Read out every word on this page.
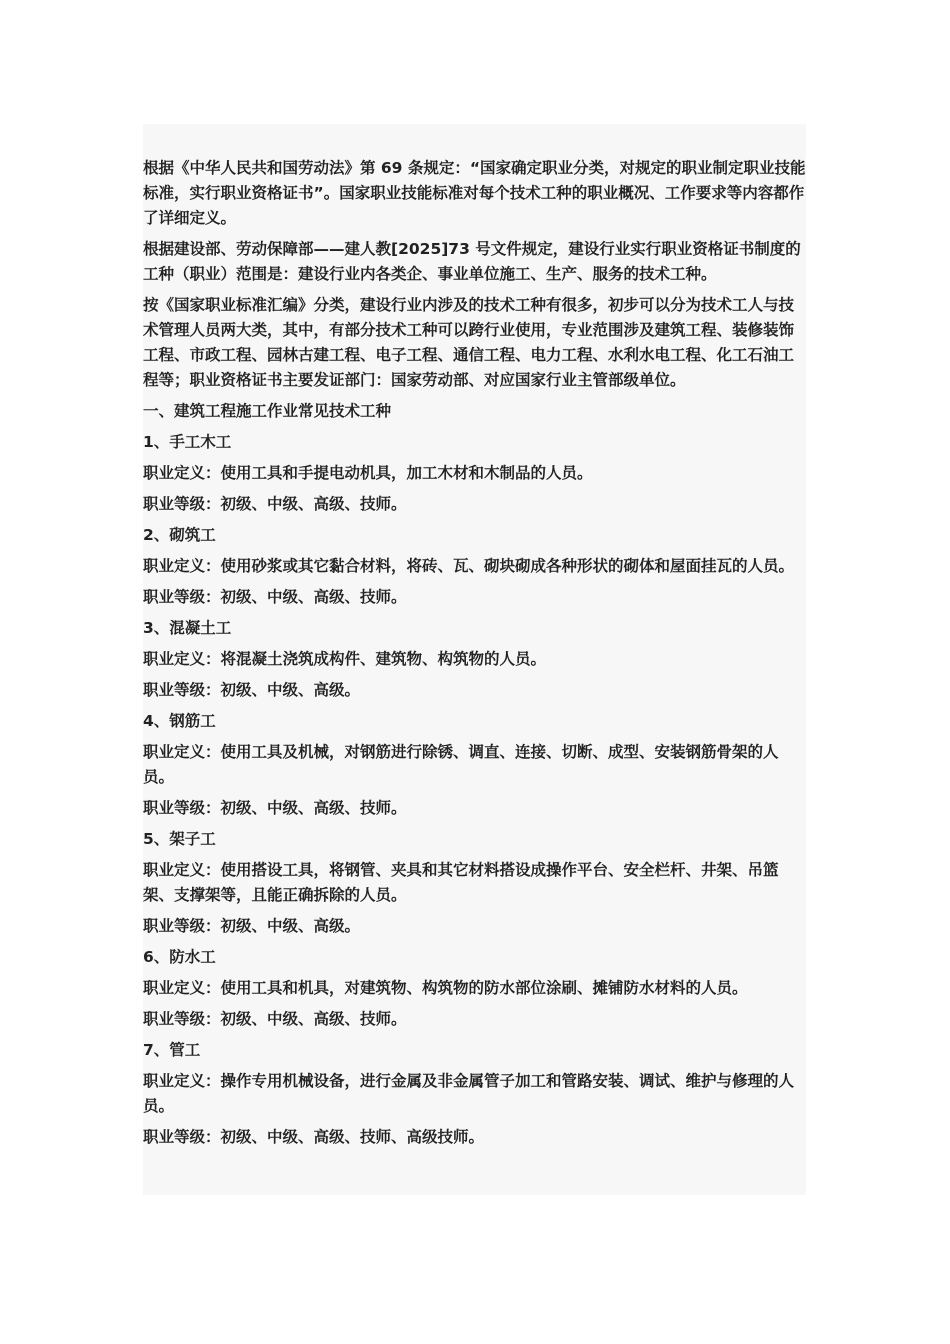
根据《中华人民共和国劳动法》第 69 条规定：“国家确定职业分类，对规定的职业制定职业技能标准，实行职业资格证书”。国家职业技能标准对每个技术工种的职业概况、工作要求等内容都作了详细定义。

根据建设部、劳动保障部——建人教[2025]73 号文件规定，建设行业实行职业资格证书制度的工种（职业）范围是：建设行业内各类企、事业单位施工、生产、服务的技术工种。

按《国家职业标准汇编》分类，建设行业内涉及的技术工种有很多，初步可以分为技术工人与技术管理人员两大类，其中，有部分技术工种可以跨行业使用，专业范围涉及建筑工程、装修装饰工程、市政工程、园林古建工程、电子工程、通信工程、电力工程、水利水电工程、化工石油工程等；职业资格证书主要发证部门：国家劳动部、对应国家行业主管部级单位。

一、建筑工程施工作业常见技术工种

1、手工木工

职业定义：使用工具和手提电动机具，加工木材和木制品的人员。

职业等级：初级、中级、高级、技师。

2、砌筑工

职业定义：使用砂浆或其它黏合材料，将砖、瓦、砌块砌成各种形状的砌体和屋面挂瓦的人员。

职业等级：初级、中级、高级、技师。

3、混凝土工

职业定义：将混凝土浇筑成构件、建筑物、构筑物的人员。

职业等级：初级、中级、高级。

4、钢筋工

职业定义：使用工具及机械，对钢筋进行除锈、调直、连接、切断、成型、安装钢筋骨架的人员。

职业等级：初级、中级、高级、技师。

5、架子工

职业定义：使用搭设工具，将钢管、夹具和其它材料搭设成操作平台、安全栏杆、井架、吊篮架、支撑架等，且能正确拆除的人员。

职业等级：初级、中级、高级。

6、防水工

职业定义：使用工具和机具，对建筑物、构筑物的防水部位涂刷、摊铺防水材料的人员。

职业等级：初级、中级、高级、技师。

7、管工

职业定义：操作专用机械设备，进行金属及非金属管子加工和管路安装、调试、维护与修理的人员。

职业等级：初级、中级、高级、技师、高级技师。
